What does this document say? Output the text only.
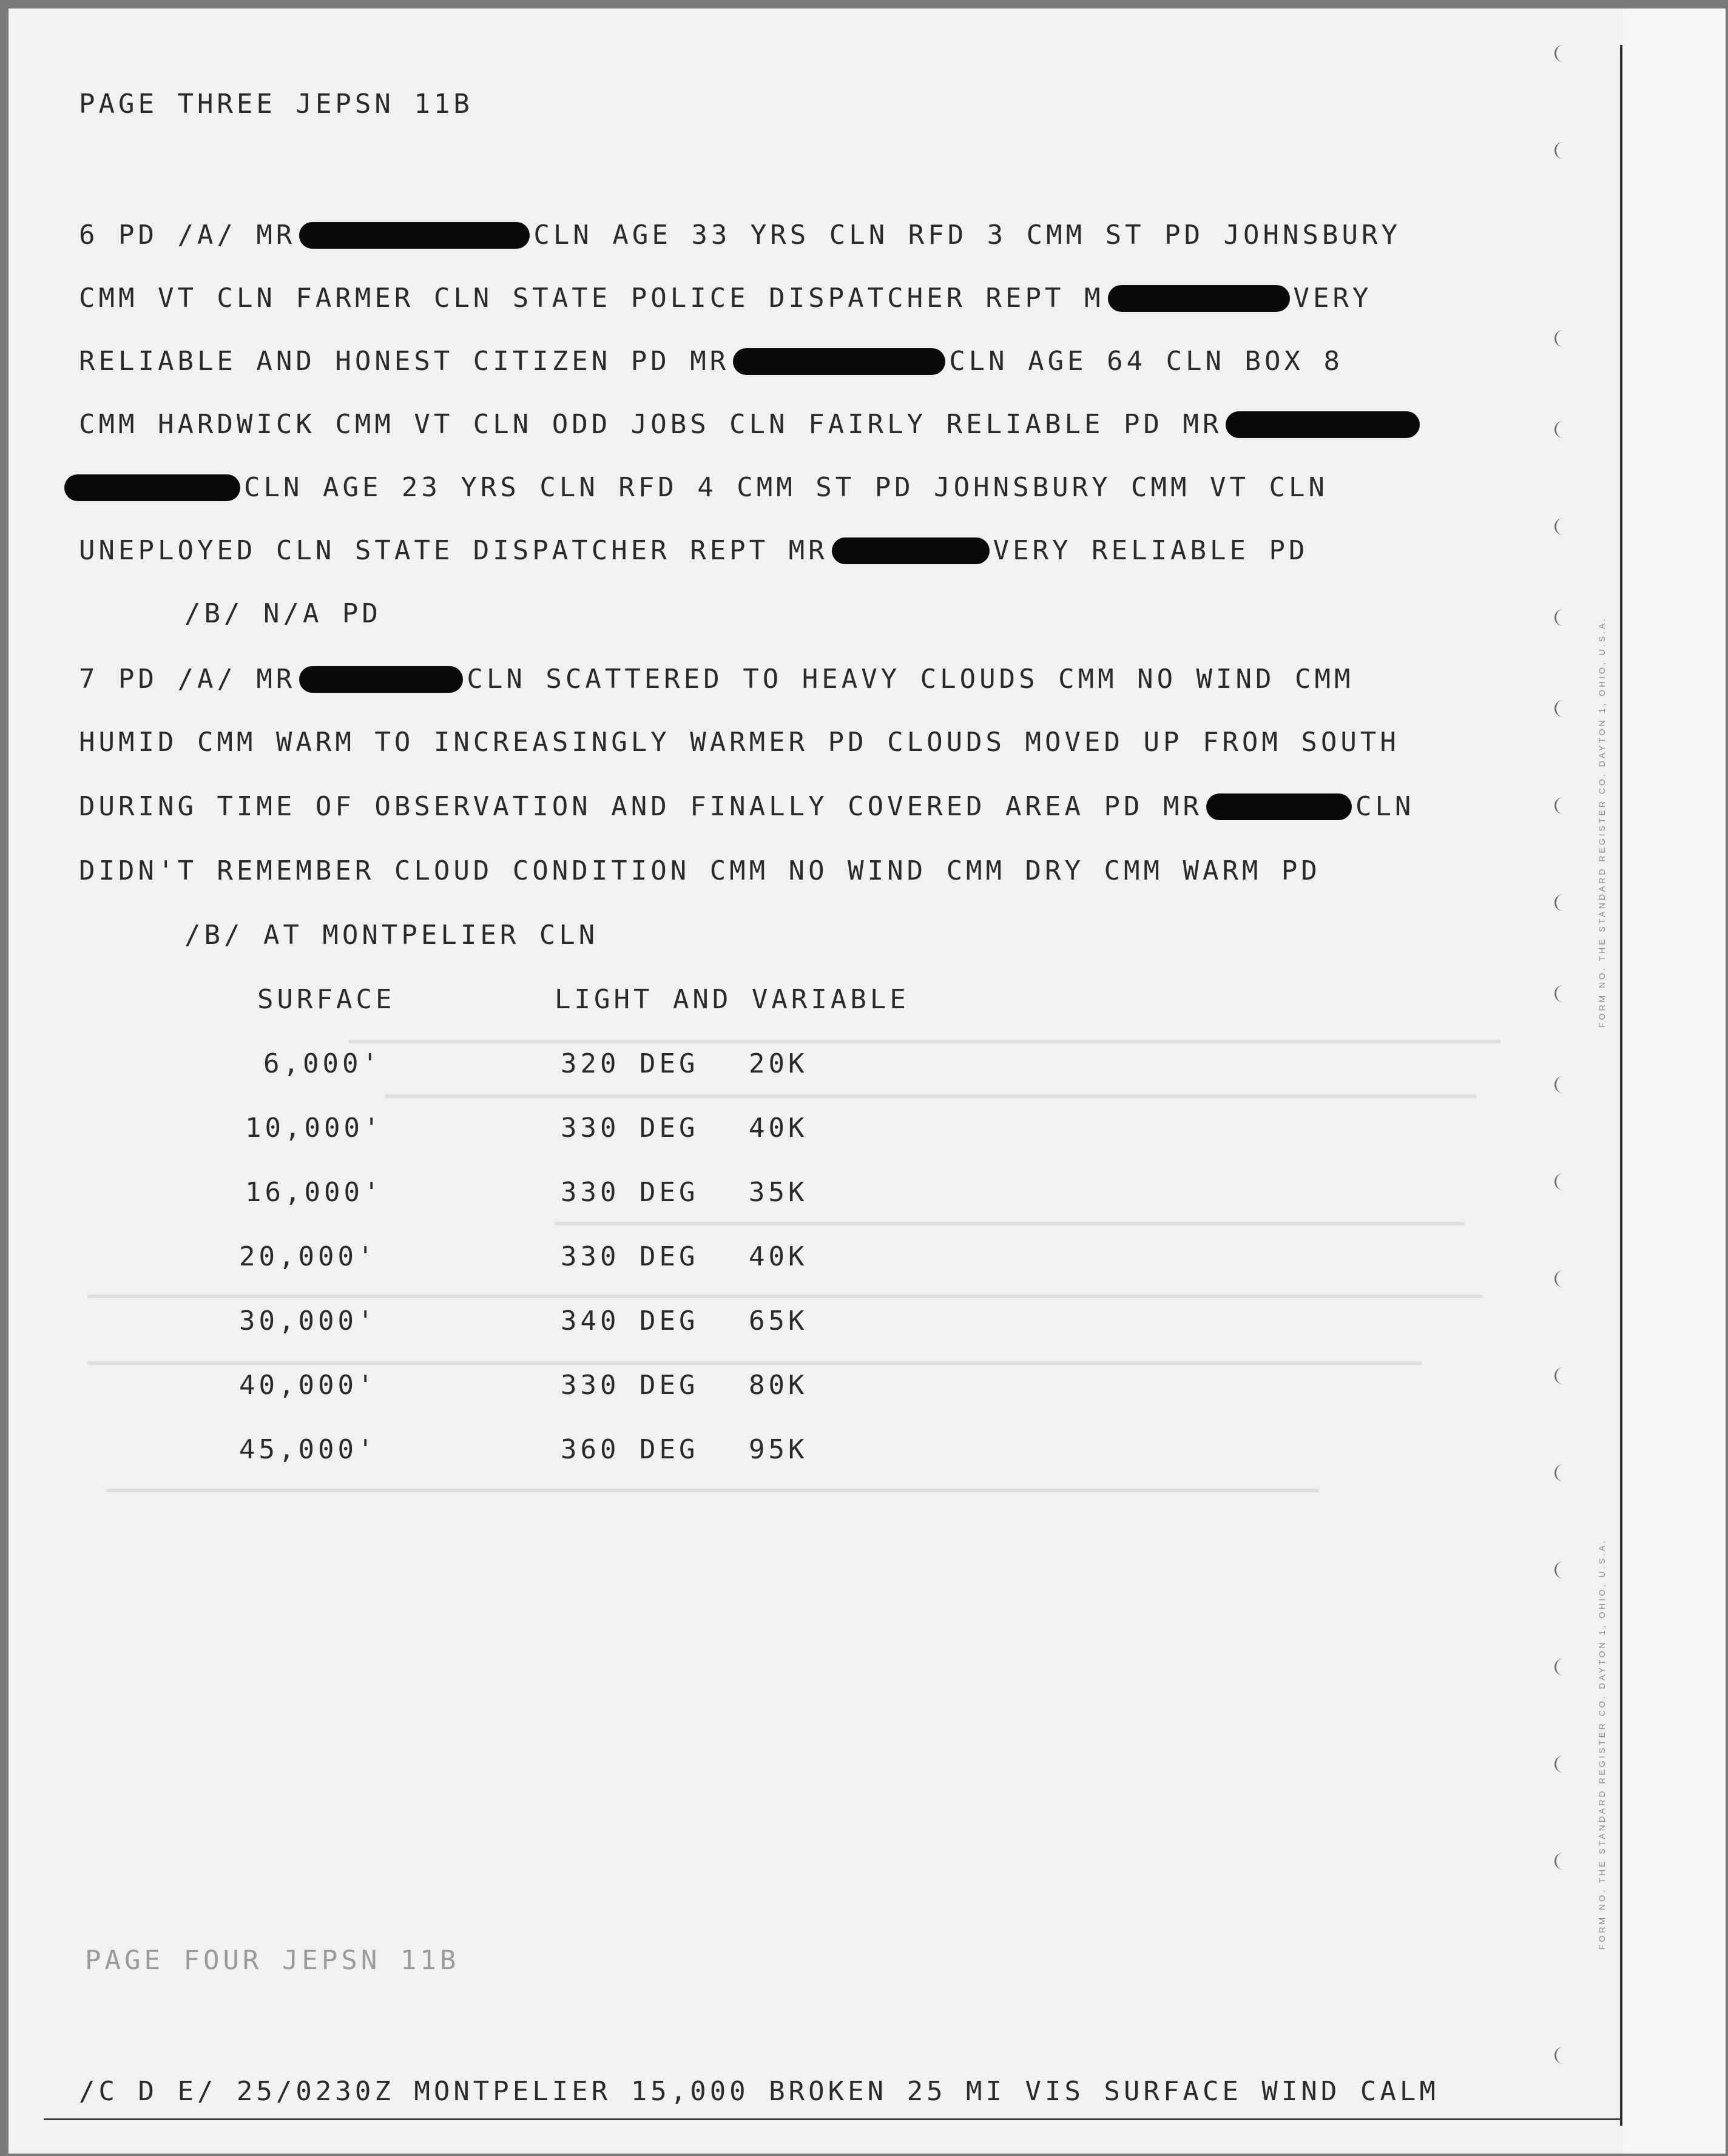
FORM NO. THE STANDARD REGISTER CO. DAYTON 1, OHIO, U.S.A.
FORM NO. THE STANDARD REGISTER CO. DAYTON 1, OHIO, U.S.A.
PAGE THREE JEPSN 11B
6 PD /A/ MR	CLN AGE 33 YRS CLN RFD 3 CMM ST PD JOHNSBURY
CMM VT CLN FARMER CLN STATE POLICE DISPATCHER REPT M	VERY
RELIABLE AND HONEST CITIZEN PD MR	CLN AGE 64 CLN BOX 8
CMM HARDWICK CMM VT CLN ODD JOBS CLN FAIRLY RELIABLE PD MR
CLN AGE 23 YRS CLN RFD 4 CMM ST PD JOHNSBURY CMM VT CLN
UNEPLOYED CLN STATE DISPATCHER REPT MR	VERY RELIABLE PD
/B/ N/A PD
7 PD /A/ MR	CLN SCATTERED TO HEAVY CLOUDS CMM NO WIND CMM
HUMID CMM WARM TO INCREASINGLY WARMER PD CLOUDS MOVED UP FROM SOUTH
DURING TIME OF OBSERVATION AND FINALLY COVERED AREA PD MR	CLN
DIDN'T REMEMBER CLOUD CONDITION CMM NO WIND CMM DRY CMM WARM PD
/B/ AT MONTPELIER CLN
SURFACE	LIGHT AND VARIABLE
6,000'	320 DEG 20K
10,000'	330 DEG 40K
16,000'	330 DEG 35K
20,000'	330 DEG 40K
30,000'	340 DEG 65K
40,000'	330 DEG 80K
45,000'	360 DEG 95K
PAGE FOUR JEPSN 11B
/C D E/ 25/0230Z MONTPELIER 15,000 BROKEN 25 MI VIS SURFACE WIND CALM
